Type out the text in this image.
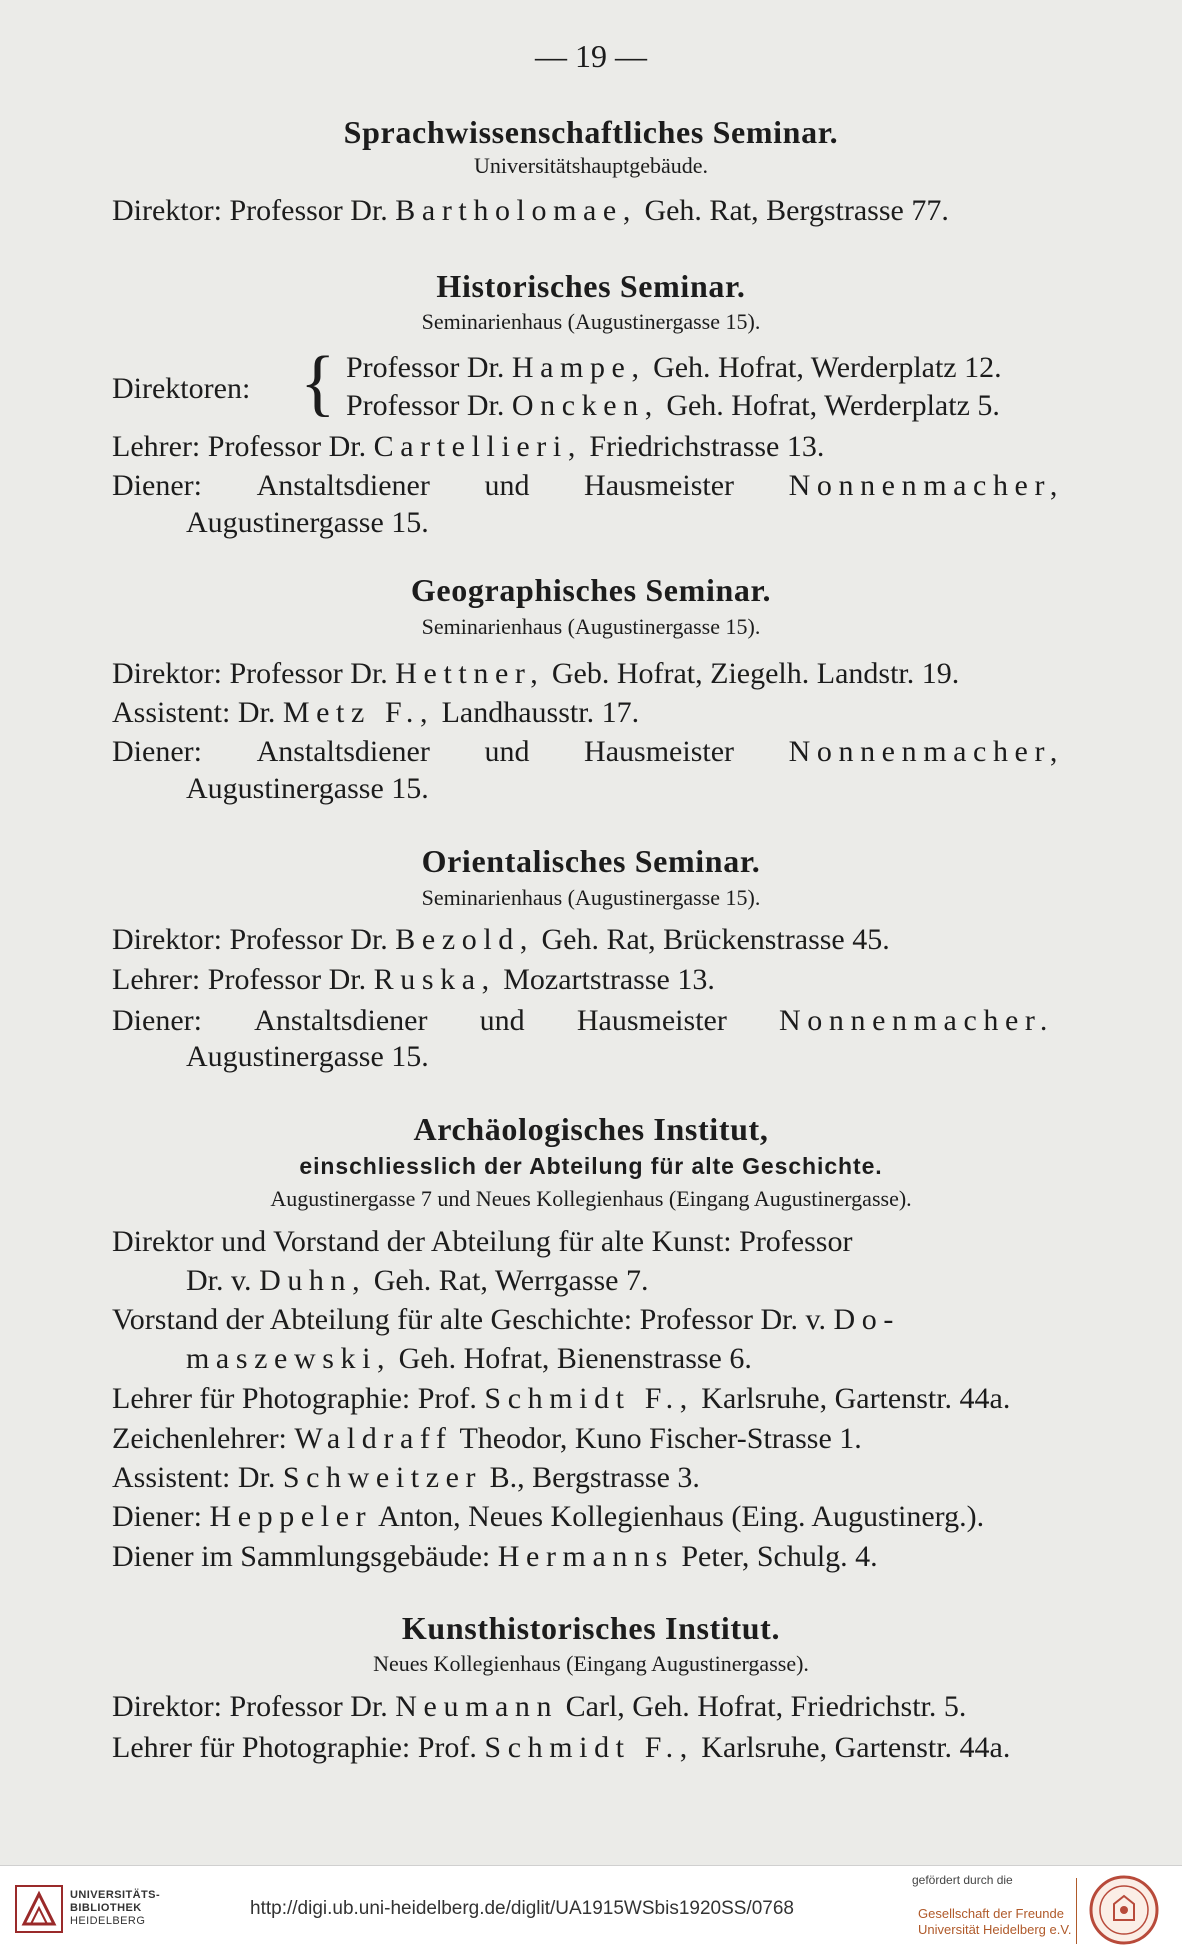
— 19 —
Sprachwissenschaftliches Seminar.
Universitätshauptgebäude.
Direktor: Professor Dr. Bartholomae, Geh. Rat, Bergstrasse 77.
Historisches Seminar.
Seminarienhaus (Augustinergasse 15).
Direktoren: { Professor Dr. Hampe, Geh. Hofrat, Werderplatz 12.
Professor Dr. Oncken, Geh. Hofrat, Werderplatz 5.
Lehrer: Professor Dr. Cartellieri, Friedrichstrasse 13.
Diener: Anstaltsdiener und Hausmeister Nonnenmacher,
Augustinergasse 15.
Geographisches Seminar.
Seminarienhaus (Augustinergasse 15).
Direktor: Professor Dr. Hettner, Geb. Hofrat, Ziegelh. Landstr. 19.
Assistent: Dr. Metz F., Landhausstr. 17.
Diener: Anstaltsdiener und Hausmeister Nonnenmacher,
Augustinergasse 15.
Orientalisches Seminar.
Seminarienhaus (Augustinergasse 15).
Direktor: Professor Dr. Bezold, Geh. Rat, Brückenstrasse 45.
Lehrer: Professor Dr. Ruska, Mozartstrasse 13.
Diener: Anstaltsdiener und Hausmeister Nonnenmacher.
Augustinergasse 15.
Archäologisches Institut,
einschliesslich der Abteilung für alte Geschichte.
Augustinergasse 7 und Neues Kollegienhaus (Eingang Augustinergasse).
Direktor und Vorstand der Abteilung für alte Kunst: Professor
Dr. v. Duhn, Geh. Rat, Werrgasse 7.
Vorstand der Abteilung für alte Geschichte: Professor Dr. v. Do-
maszewski, Geh. Hofrat, Bienenstrasse 6.
Lehrer für Photographie: Prof. Schmidt F., Karlsruhe, Gartenstr. 44a.
Zeichenlehrer: Waldraff Theodor, Kuno Fischer-Strasse 1.
Assistent: Dr. Schweitzer B., Bergstrasse 3.
Diener: Heppeler Anton, Neues Kollegienhaus (Eing. Augustinerg.).
Diener im Sammlungsgebäude: Hermanns Peter, Schulg. 4.
Kunsthistorisches Institut.
Neues Kollegienhaus (Eingang Augustinergasse).
Direktor: Professor Dr. Neumann Carl, Geh. Hofrat, Friedrichstr. 5.
Lehrer für Photographie: Prof. Schmidt F., Karlsruhe, Gartenstr. 44a.
UNIVERSITÄTS-
BIBLIOTHEK
HEIDELBERG
http://digi.ub.uni-heidelberg.de/diglit/UA1915WSbis1920SS/0768
gefördert durch die
Gesellschaft der Freunde
Universität Heidelberg e.V.
